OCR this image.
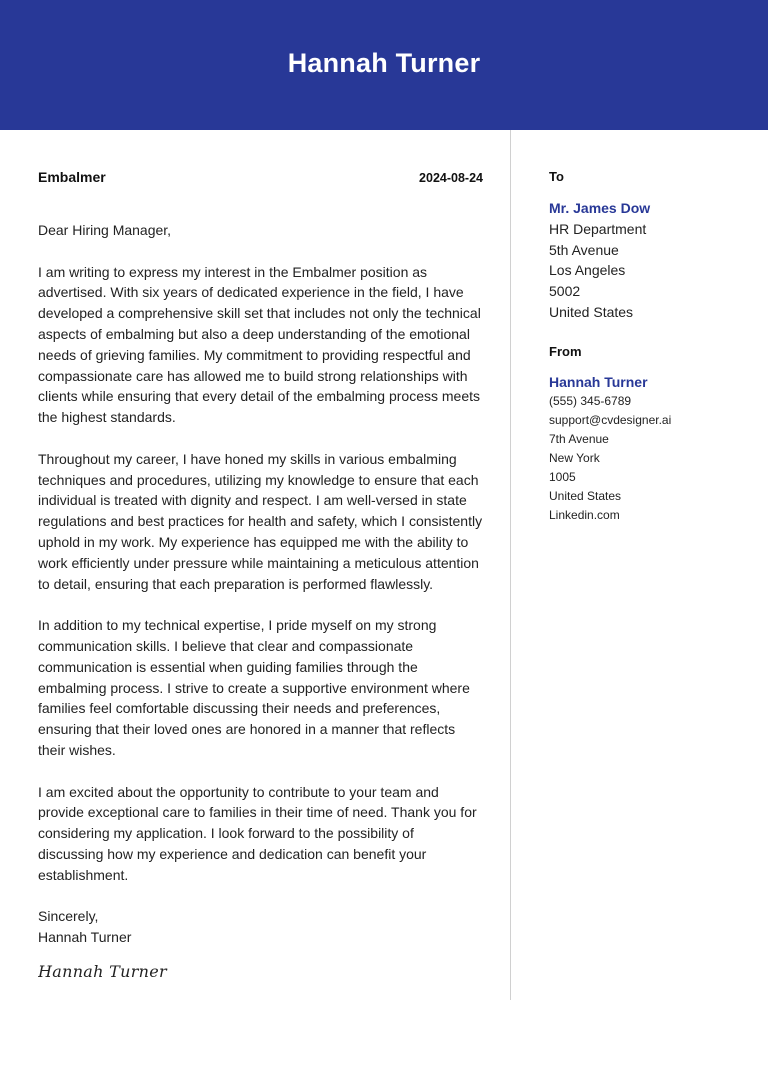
Hannah Turner
Embalmer	2024-08-24
Dear Hiring Manager,
I am writing to express my interest in the Embalmer position as advertised. With six years of dedicated experience in the field, I have developed a comprehensive skill set that includes not only the technical aspects of embalming but also a deep understanding of the emotional needs of grieving families. My commitment to providing respectful and compassionate care has allowed me to build strong relationships with clients while ensuring that every detail of the embalming process meets the highest standards.
Throughout my career, I have honed my skills in various embalming techniques and procedures, utilizing my knowledge to ensure that each individual is treated with dignity and respect. I am well-versed in state regulations and best practices for health and safety, which I consistently uphold in my work. My experience has equipped me with the ability to work efficiently under pressure while maintaining a meticulous attention to detail, ensuring that each preparation is performed flawlessly.
In addition to my technical expertise, I pride myself on my strong communication skills. I believe that clear and compassionate communication is essential when guiding families through the embalming process. I strive to create a supportive environment where families feel comfortable discussing their needs and preferences, ensuring that their loved ones are honored in a manner that reflects their wishes.
I am excited about the opportunity to contribute to your team and provide exceptional care to families in their time of need. Thank you for considering my application. I look forward to the possibility of discussing how my experience and dedication can benefit your establishment.
Sincerely,
Hannah Turner
Hannah Turner
To
Mr. James Dow
HR Department
5th Avenue
Los Angeles
5002
United States
From
Hannah Turner
(555) 345-6789
support@cvdesigner.ai
7th Avenue
New York
1005
United States
Linkedin.com
